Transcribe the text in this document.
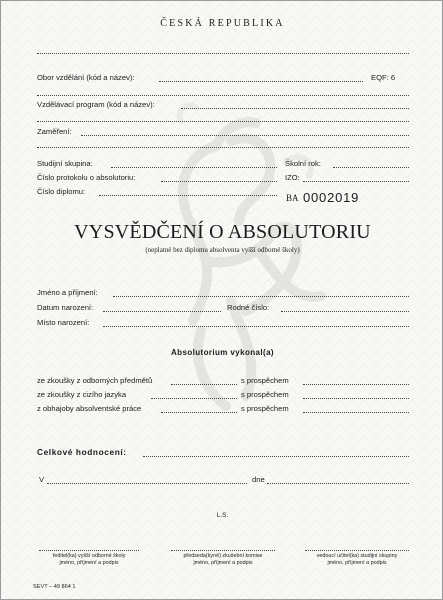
ČESKÁ REPUBLIKA
Obor vzdělání (kód a název):	EQF: 6
Vzdělávací program (kód a název):
Zaměření:
Studijní skupina:	Školní rok:
Číslo protokolu o absolutoriu:	IZO:
Číslo diplomu:
BA 0002019
VYSVĚDČENÍ O ABSOLUTORIU
(neplatné bez diplomu absolventa vyšší odborné školy)
Jméno a příjmení:
Datum narození:	Rodné číslo:
Místo narození:
Absolutorium vykonal(a)
ze zkoušky z odborných předmětů	s prospěchem
ze zkoušky z cizího jazyka	s prospěchem
z obhajoby absolventské práce	s prospěchem
Celkové hodnocení:
V	dne
L.S.
ředitel(ka) vyšší odborné školy
jméno, příjmení a podpis
předseda(kyně) zkušební komise
jméno, příjmení a podpis
vedoucí učitel(ka) studijní skupiny
jméno, příjmení a podpis
SEVT – 49 864 1
